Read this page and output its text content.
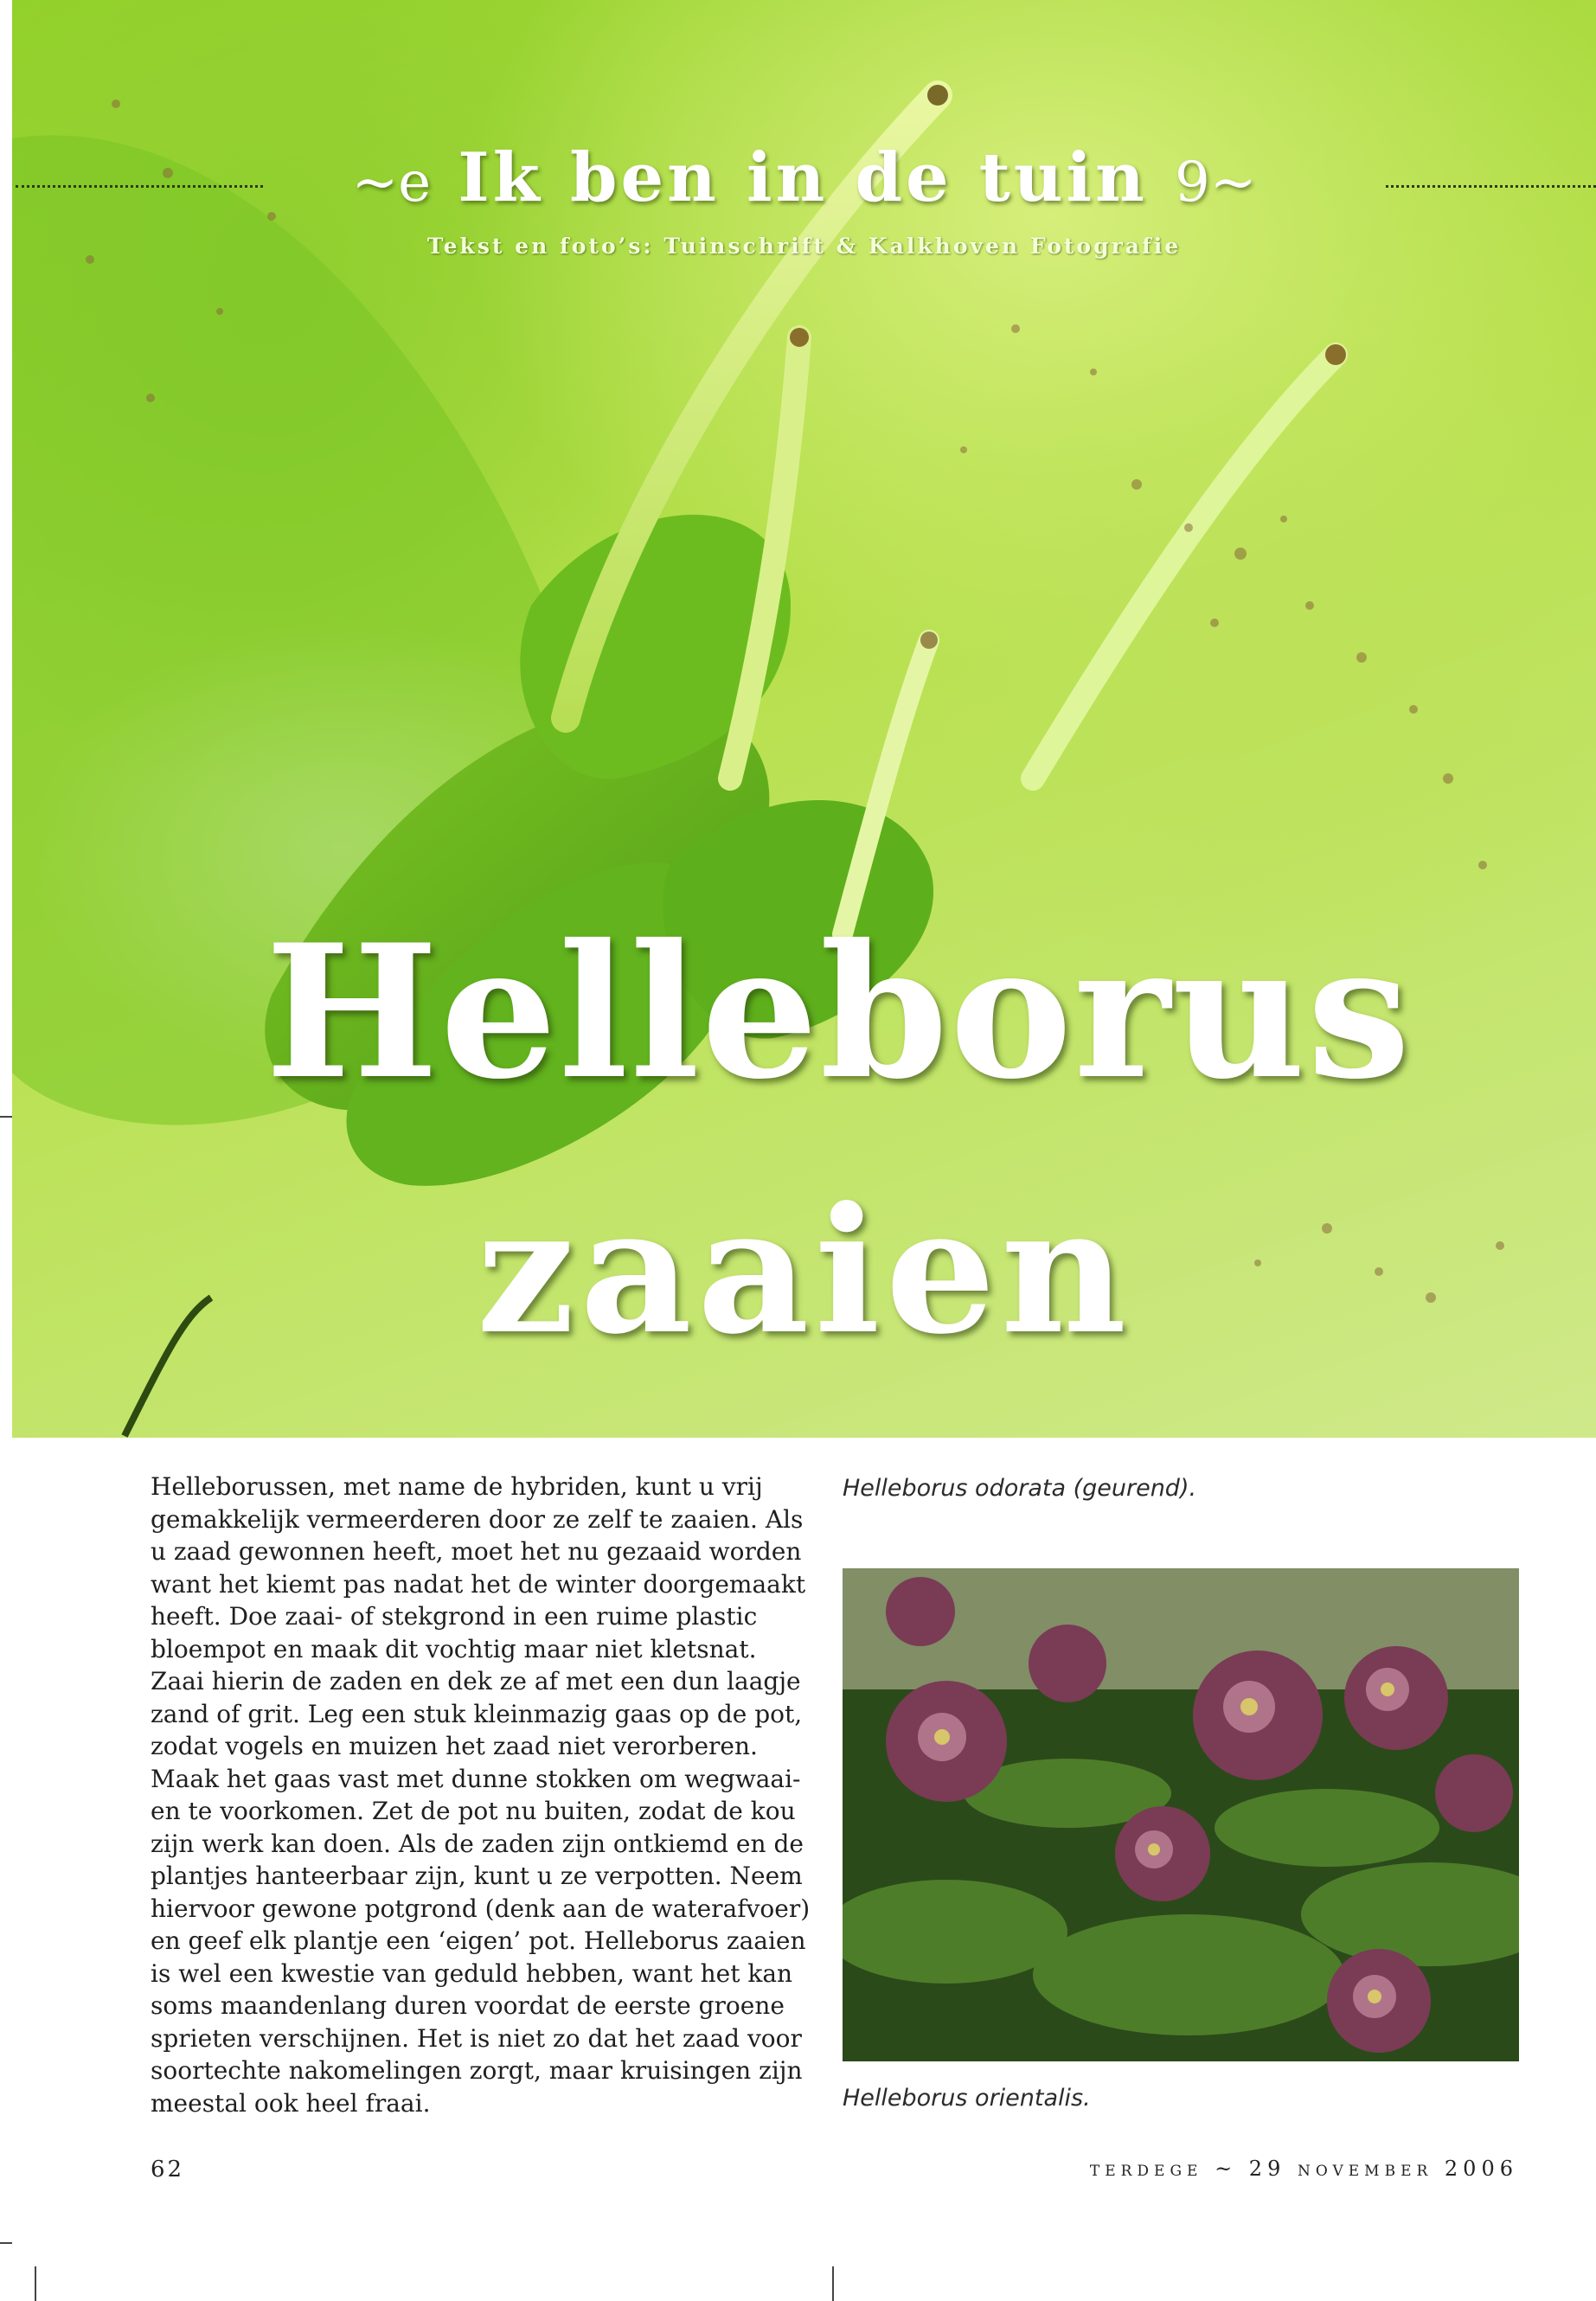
~e Ik ben in de tuin 9~
Tekst en foto’s: Tuinschrift & Kalkhoven Fotografie
Helleborus
zaaien
Helleborussen, met name de hybriden, kunt u vrij
gemakkelijk vermeerderen door ze zelf te zaaien. Als
u zaad gewonnen heeft, moet het nu gezaaid worden
want het kiemt pas nadat het de winter doorgemaakt
heeft. Doe zaai- of stekgrond in een ruime plastic
bloempot en maak dit vochtig maar niet kletsnat.
Zaai hierin de zaden en dek ze af met een dun laagje
zand of grit. Leg een stuk kleinmazig gaas op de pot,
zodat vogels en muizen het zaad niet verorberen.
Maak het gaas vast met dunne stokken om wegwaai-
en te voorkomen. Zet de pot nu buiten, zodat de kou
zijn werk kan doen. Als de zaden zijn ontkiemd en de
plantjes hanteerbaar zijn, kunt u ze verpotten. Neem
hiervoor gewone potgrond (denk aan de waterafvoer)
en geef elk plantje een ‘eigen’ pot. Helleborus zaaien
is wel een kwestie van geduld hebben, want het kan
soms maandenlang duren voordat de eerste groene
sprieten verschijnen. Het is niet zo dat het zaad voor
soortechte nakomelingen zorgt, maar kruisingen zijn
meestal ook heel fraai.
Helleborus odorata (geurend).
Helleborus orientalis.
62	terdege ~ 29 november 2006
